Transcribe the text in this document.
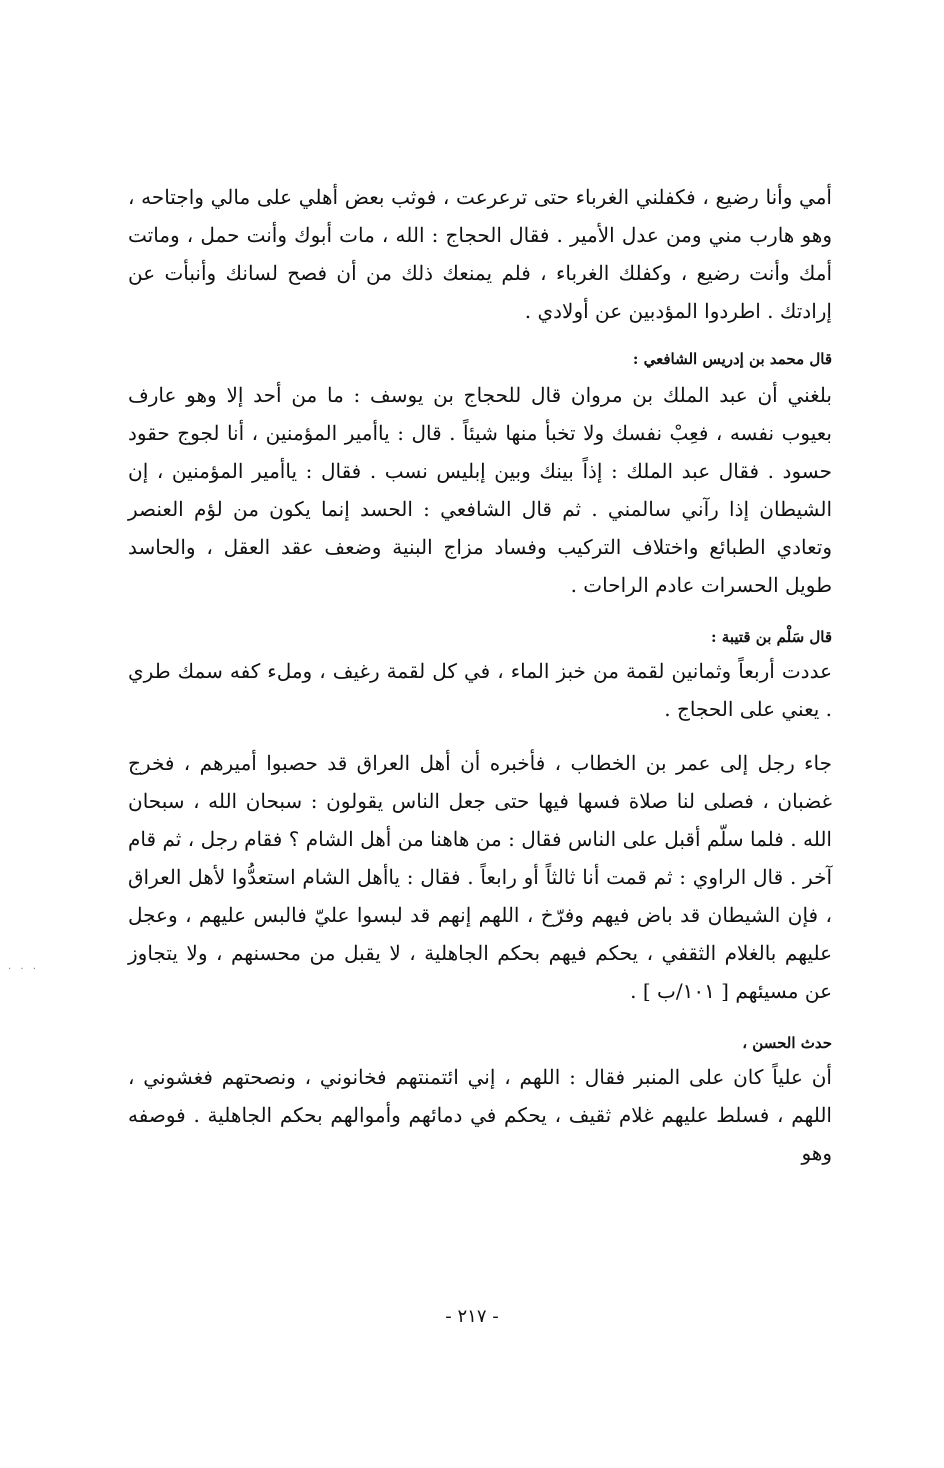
أمي وأنا رضيع ، فكفلني الغرباء حتى ترعرعت ، فوثب بعض أهلي على مالي واجتاحه ، وهو هارب مني ومن عدل الأمير . فقال الحجاج : الله ، مات أبوك وأنت حمل ، وماتت أمك وأنت رضيع ، وكفلك الغرباء ، فلم يمنعك ذلك من أن فصح لسانك وأنبأت عن إرادتك . اطردوا المؤدبين عن أولادي .

قال محمد بن إدريس الشافعي :

بلغني أن عبد الملك بن مروان قال للحجاج بن يوسف : ما من أحد إلا وهو عارف بعيوب نفسه ، فعِبْ نفسك ولا تخبأ منها شيئاً . قال : ياأمير المؤمنين ، أنا لجوج حقود حسود . فقال عبد الملك : إذاً بينك وبين إبليس نسب . فقال : ياأمير المؤمنين ، إن الشيطان إذا رآني سالمني . ثم قال الشافعي : الحسد إنما يكون من لؤم العنصر وتعادي الطبائع واختلاف التركيب وفساد مزاج البنية وضعف عقد العقل ، والحاسد طويل الحسرات عادم الراحات .

قال سَلْم بن قتيبة :

عددت أربعاً وثمانين لقمة من خبز الماء ، في كل لقمة رغيف ، وملء كفه سمك طري . يعني على الحجاج .

جاء رجل إلى عمر بن الخطاب ، فأخبره أن أهل العراق قد حصبوا أميرهم ، فخرج غضبان ، فصلى لنا صلاة فسها فيها حتى جعل الناس يقولون : سبحان الله ، سبحان الله . فلما سلّم أقبل على الناس فقال : من هاهنا من أهل الشام ؟ فقام رجل ، ثم قام آخر . قال الراوي : ثم قمت أنا ثالثاً أو رابعاً . فقال : ياأهل الشام استعدُّوا لأهل العراق ، فإن الشيطان قد باض فيهم وفرّخ ، اللهم إنهم قد لبسوا عليّ فالبس عليهم ، وعجل عليهم بالغلام الثقفي ، يحكم فيهم بحكم الجاهلية ، لا يقبل من محسنهم ، ولا يتجاوز عن مسيئهم [ ١٠١/ب ] .

حدث الحسن ،

أن علياً كان على المنبر فقال : اللهم ، إني ائتمنتهم فخانوني ، ونصحتهم فغشوني ، اللهم ، فسلط عليهم غلام ثقيف ، يحكم في دمائهم وأموالهم بحكم الجاهلية . فوصفه وهو

· · ·
- ٢١٧ -
